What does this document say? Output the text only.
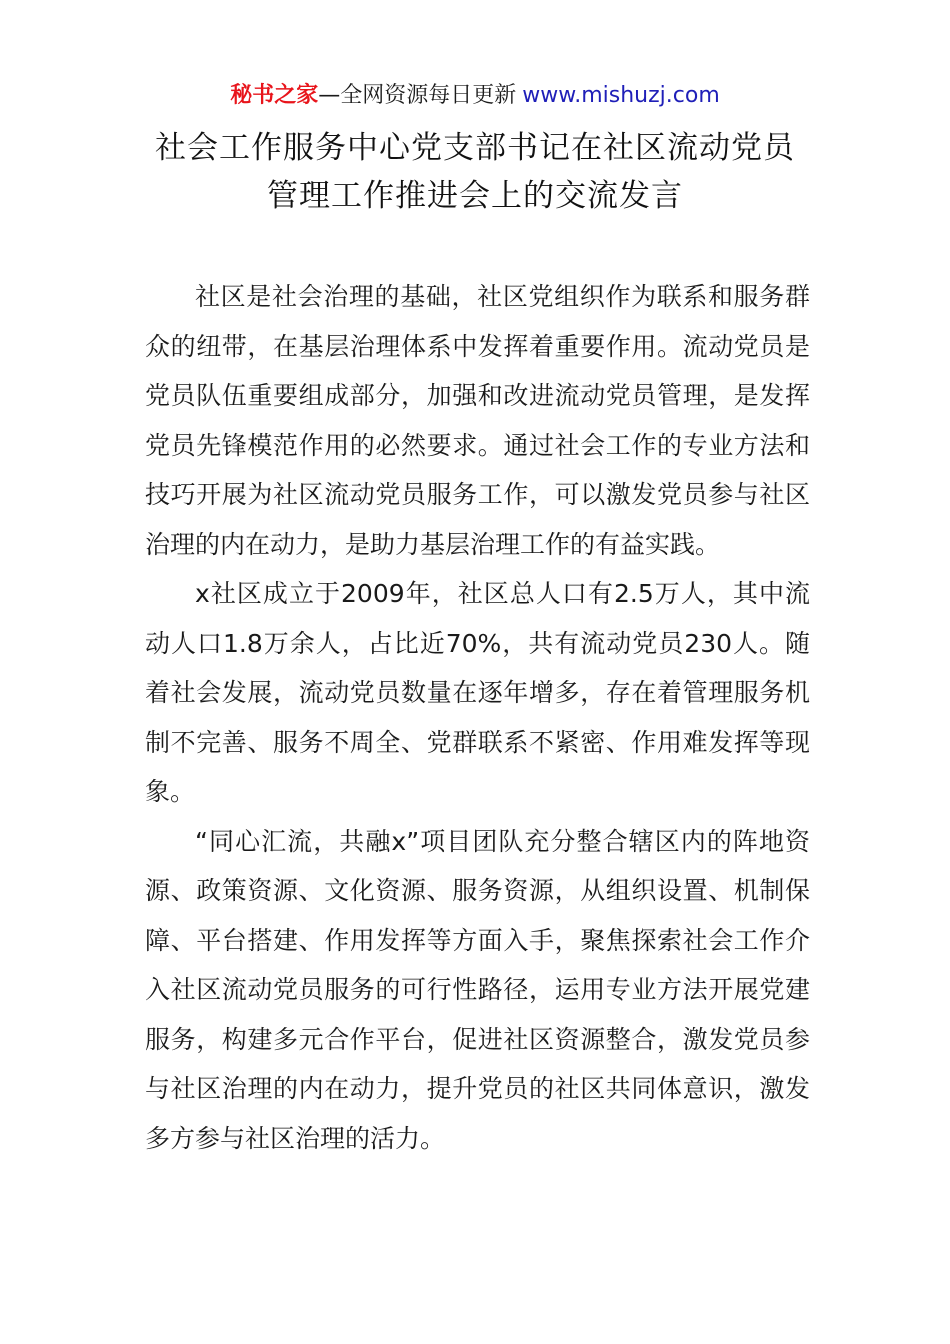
秘书之家—全网资源每日更新 www.mishuzj.com
社会工作服务中心党支部书记在社区流动党员
管理工作推进会上的交流发言

社区是社会治理的基础，社区党组织作为联系和服务群众的纽带，在基层治理体系中发挥着重要作用。流动党员是党员队伍重要组成部分，加强和改进流动党员管理，是发挥党员先锋模范作用的必然要求。通过社会工作的专业方法和技巧开展为社区流动党员服务工作，可以激发党员参与社区治理的内在动力，是助力基层治理工作的有益实践。

x社区成立于2009年，社区总人口有2.5万人，其中流动人口1.8万余人，占比近70%，共有流动党员230人。随着社会发展，流动党员数量在逐年增多，存在着管理服务机制不完善、服务不周全、党群联系不紧密、作用难发挥等现象。

“同心汇流，共融x”项目团队充分整合辖区内的阵地资源、政策资源、文化资源、服务资源，从组织设置、机制保障、平台搭建、作用发挥等方面入手，聚焦探索社会工作介入社区流动党员服务的可行性路径，运用专业方法开展党建服务，构建多元合作平台，促进社区资源整合，激发党员参与社区治理的内在动力，提升党员的社区共同体意识，激发多方参与社区治理的活力。
